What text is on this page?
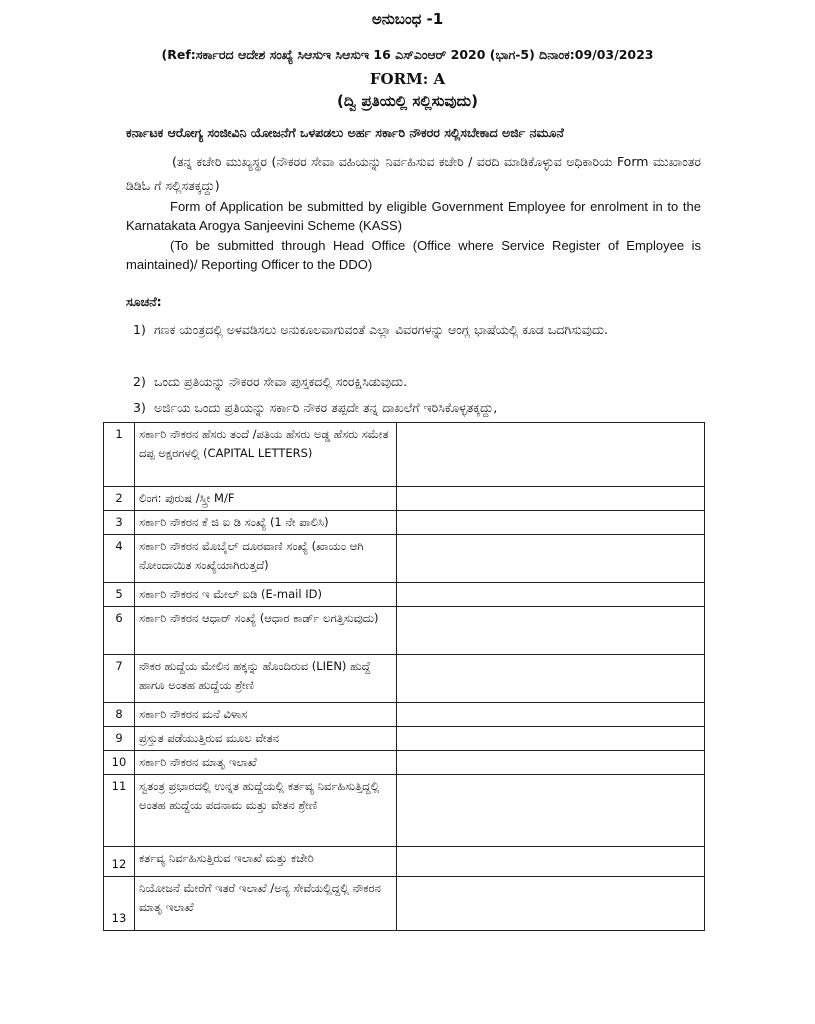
ಅನುಬಂಧ -1
(Ref:ಸರ್ಕಾರದ ಆದೇಶ ಸಂಖ್ಯೆ ಸಿಆಸುಇ ಸಿಆಸುಇ 16 ಎಸ್‌ಎಂಆರ್ 2020 (ಭಾಗ-5) ದಿನಾಂಕ:09/03/2023
FORM: A
(ದ್ವಿ ಪ್ರತಿಯಲ್ಲಿ ಸಲ್ಲಿಸುವುದು)
ಕರ್ನಾಟಕ ಆರೋಗ್ಯ ಸಂಜೀವಿನಿ ಯೋಜನೆಗೆ ಒಳಪಡಲು ಅರ್ಹ ಸರ್ಕಾರಿ ನೌಕರರ ಸಲ್ಲಿಸಬೇಕಾದ ಅರ್ಜಿ ನಮೂನೆ

(ತನ್ನ ಕಚೇರಿ ಮುಖ್ಯಸ್ಥರ (ನೌಕರರ ಸೇವಾ ವಹಿಯನ್ನು ನಿರ್ವಹಿಸುವ ಕಚೇರಿ / ವರದಿ ಮಾಡಿಕೊಳ್ಳುವ ಅಧಿಕಾರಿಯ Form ಮುಖಾಂತರ ಡಿಡಿಓ ಗೆ ಸಲ್ಲಿಸತಕ್ಕದ್ದು)

Form of Application be submitted by eligible Government Employee for enrolment in to the Karnatakata Arogya Sanjeevini Scheme (KASS)

(To be submitted through Head Office (Office where Service Register of Employee is maintained)/ Reporting Officer to the DDO)

ಸೂಚನೆ:
1) ಗಣಕ ಯಂತ್ರದಲ್ಲಿ ಅಳವಡಿಸಲು ಅನುಕೂಲವಾಗುವಂತೆ ಎಲ್ಲಾ ವಿವರಗಳನ್ನು ಆಂಗ್ಲ ಭಾಷೆಯಲ್ಲಿ ಕೂಡ ಒದಗಿಸುವುದು.
2) ಒಂದು ಪ್ರತಿಯನ್ನು ನೌಕರರ ಸೇವಾ ಪುಸ್ತಕದಲ್ಲಿ ಸಂರಕ್ಷಿಸಿಡುವುದು.
3) ಅರ್ಜಿಯ ಒಂದು ಪ್ರತಿಯನ್ನು ಸರ್ಕಾರಿ ನೌಕರ ತಪ್ಪದೇ ತನ್ನ ದಾಖಲೆಗೆ ಇರಿಸಿಕೊಳ್ಳತಕ್ಕದ್ದು,
1	ಸರ್ಕಾರಿ ನೌಕರನ ಹೆಸರು ತಂದೆ /ಪತಿಯ ಹೆಸರು ಅಡ್ಡ ಹೆಸರು ಸಮೇತ ದಪ್ಪ ಅಕ್ಷರಗಳಲ್ಲಿ (CAPITAL LETTERS)	
2	ಲಿಂಗ: ಪುರುಷ /ಸ್ತ್ರೀ M/F	
3	ಸರ್ಕಾರಿ ನೌಕರನ ಕೆ ಜಿ ಐ ಡಿ ಸಂಖ್ಯೆ (1 ನೇ ಪಾಲಿಸಿ)	
4	ಸರ್ಕಾರಿ ನೌಕರನ ಮೊಬೈಲ್ ದೂರವಾಣಿ ಸಂಖ್ಯೆ (ಖಾಯಂ ಆಗಿ ನೋಂದಾಯಿತ ಸಂಖ್ಯೆಯಾಗಿರುತ್ತದೆ)	
5	ಸರ್ಕಾರಿ ನೌಕರನ ಇ ಮೇಲ್ ಐಡಿ (E-mail ID)	
6	ಸರ್ಕಾರಿ ನೌಕರನ ಆಧಾರ್ ಸಂಖ್ಯೆ (ಆಧಾರ ಕಾರ್ಡ್ ಲಗತ್ತಿಸುವುದು)	
7	ನೌಕರ ಹುದ್ದೆಯ ಮೇಲಿನ ಹಕ್ಕನ್ನು ಹೊಂದಿರುವ (LIEN) ಹುದ್ದೆ ಹಾಗೂ ಅಂತಹ ಹುದ್ದೆಯ ಶ್ರೇಣಿ	
8	ಸರ್ಕಾರಿ ನೌಕರನ ಮನೆ ವಿಳಾಸ	
9	ಪ್ರಸ್ತುತ ಪಡೆಯುತ್ತಿರುವ ಮೂಲ ವೇತನ	
10	ಸರ್ಕಾರಿ ನೌಕರನ ಮಾತೃ ಇಲಾಖೆ	
11	ಸ್ವತಂತ್ರ ಪ್ರಭಾರದಲ್ಲಿ ಉನ್ನತ ಹುದ್ದೆಯಲ್ಲಿ ಕರ್ತವ್ಯ ನಿರ್ವಹಿಸುತ್ತಿದ್ದಲ್ಲಿ ಅಂತಹ ಹುದ್ದೆಯ ಪದನಾಮ ಮತ್ತು ವೇತನ ಶ್ರೇಣಿ	
12	ಕರ್ತವ್ಯ ನಿರ್ವಹಿಸುತ್ತಿರುವ ಇಲಾಖೆ ಮತ್ತು ಕಚೇರಿ	
13	ನಿಯೋಜನೆ ಮೇರೆಗೆ ಇತರೆ ಇಲಾಖೆ /ಅನ್ಯ ಸೇವೆಯಲ್ಲಿದ್ದಲ್ಲಿ ನೌಕರನ ಮಾತೃ ಇಲಾಖೆ	
